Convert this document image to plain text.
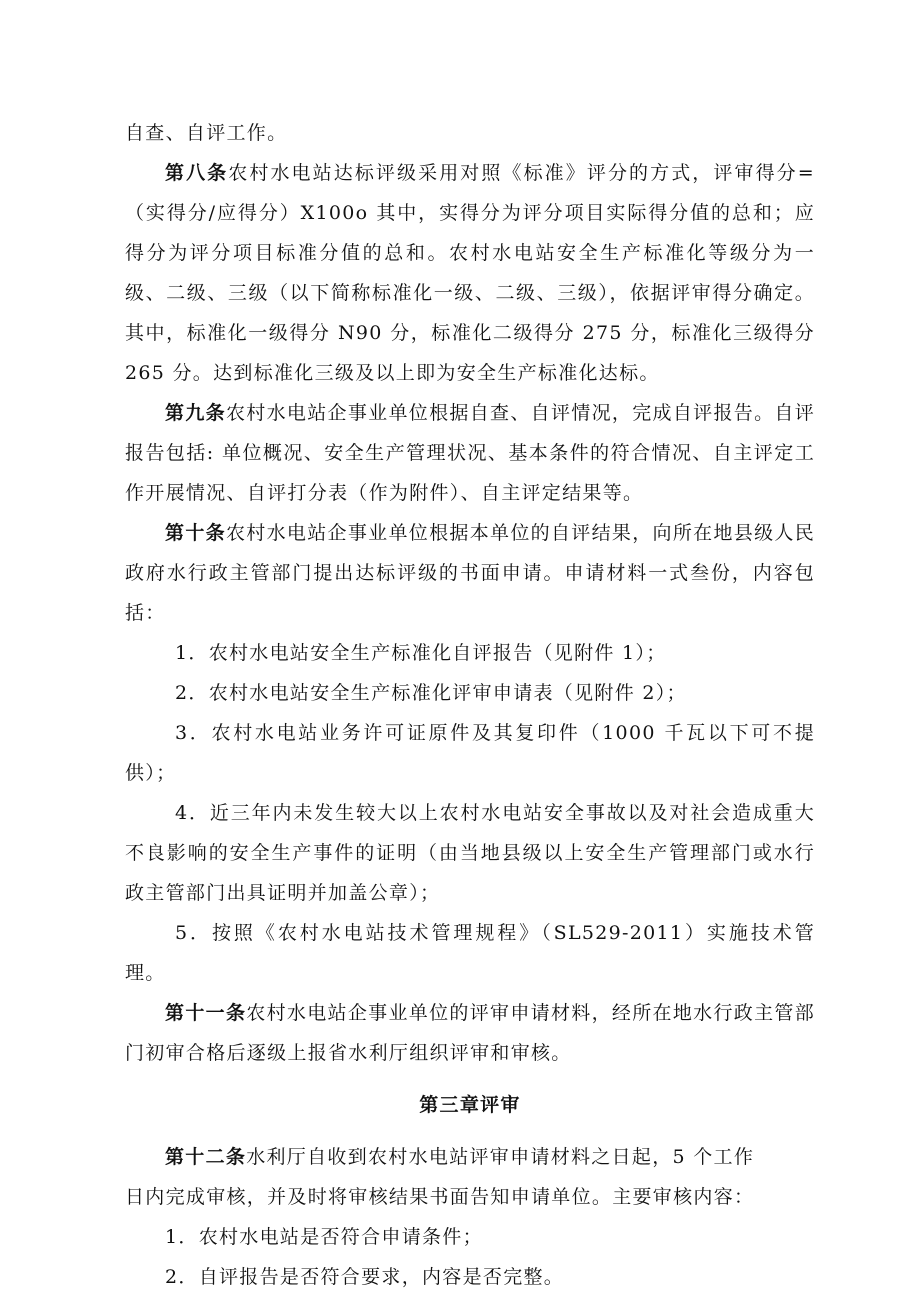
自查、自评工作。

第八条农村水电站达标评级采用对照《标准》评分的方式，评审得分=（实得分/应得分）X100o 其中，实得分为评分项目实际得分值的总和；应得分为评分项目标准分值的总和。农村水电站安全生产标准化等级分为一级、二级、三级（以下简称标准化一级、二级、三级），依据评审得分确定。其中，标准化一级得分 N90 分，标准化二级得分 275 分，标准化三级得分 265 分。达到标准化三级及以上即为安全生产标准化达标。

第九条农村水电站企事业单位根据自查、自评情况，完成自评报告。自评报告包括: 单位概况、安全生产管理状况、基本条件的符合情况、自主评定工作开展情况、自评打分表（作为附件）、自主评定结果等。

第十条农村水电站企事业单位根据本单位的自评结果，向所在地县级人民政府水行政主管部门提出达标评级的书面申请。申请材料一式叁份，内容包括：

1．农村水电站安全生产标准化自评报告（见附件 1）；

2．农村水电站安全生产标准化评审申请表（见附件 2）；

3．农村水电站业务许可证原件及其复印件（1000 千瓦以下可不提供）；

4．近三年内未发生较大以上农村水电站安全事故以及对社会造成重大不良影响的安全生产事件的证明（由当地县级以上安全生产管理部门或水行政主管部门出具证明并加盖公章）；

5．按照《农村水电站技术管理规程》（SL529-2011）实施技术管理。

第十一条农村水电站企事业单位的评审申请材料，经所在地水行政主管部门初审合格后逐级上报省水利厅组织评审和审核。

第三章评审

第十二条水利厅自收到农村水电站评审申请材料之日起，5 个工作

日内完成审核，并及时将审核结果书面告知申请单位。主要审核内容：

1．农村水电站是否符合申请条件；

2．自评报告是否符合要求，内容是否完整。
